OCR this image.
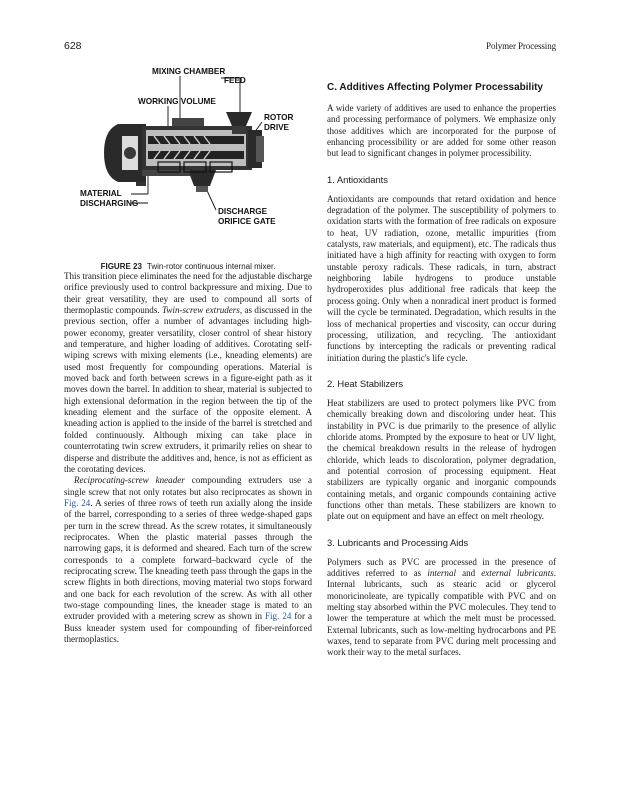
628	Polymer Processing
MIXING CHAMBER
FEED
WORKING VOLUME
ROTOR
DRIVE
MATERIAL
DISCHARGING
DISCHARGE
ORIFICE GATE
FIGURE 23 Twin-rotor continuous internal mixer.

This transition piece eliminates the need for the adjustable discharge orifice previously used to control backpressure and mixing. Due to their great versatility, they are used to compound all sorts of thermoplastic compounds. Twin-screw extruders, as discussed in the previous section, offer a number of advantages including high-power economy, greater versatility, closer control of shear history and temperature, and higher loading of additives. Corotating self-wiping screws with mixing elements (i.e., kneading elements) are used most frequently for compounding operations. Material is moved back and forth between screws in a figure-eight path as it moves down the barrel. In addition to shear, material is subjected to high extensional deformation in the region between the tip of the kneading element and the surface of the opposite element. A kneading action is applied to the inside of the barrel is stretched and folded continuously. Although mixing can take place in counterrotating twin screw extruders, it primarily relies on shear to disperse and distribute the additives and, hence, is not as efficient as the corotating devices.

Reciprocating-screw kneader compounding extruders use a single screw that not only rotates but also reciprocates as shown in Fig. 24. A series of three rows of teeth run axially along the inside of the barrel, corresponding to a series of three wedge-shaped gaps per turn in the screw thread. As the screw rotates, it simultaneously reciprocates. When the plastic material passes through the narrowing gaps, it is deformed and sheared. Each turn of the screw corresponds to a complete forward–backward cycle of the reciprocating screw. The kneading teeth pass through the gaps in the screw flights in both directions, moving material two stops forward and one back for each revolution of the screw. As with all other two-stage compounding lines, the kneader stage is mated to an extruder provided with a metering screw as shown in Fig. 24 for a Buss kneader system used for compounding of fiber-reinforced thermoplastics.

C. Additives Affecting Polymer Processability

A wide variety of additives are used to enhance the properties and processing performance of polymers. We emphasize only those additives which are incorporated for the purpose of enhancing processibility or are added for some other reason but lead to significant changes in polymer processibility.

1. Antioxidants

Antioxidants are compounds that retard oxidation and hence degradation of the polymer. The susceptibility of polymers to oxidation starts with the formation of free radicals on exposure to heat, UV radiation, ozone, metallic impurities (from catalysts, raw materials, and equipment), etc. The radicals thus initiated have a high affinity for reacting with oxygen to form unstable peroxy radicals. These radicals, in turn, abstract neighboring labile hydrogens to produce unstable hydroperoxides plus additional free radicals that keep the process going. Only when a nonradical inert product is formed will the cycle be terminated. Degradation, which results in the loss of mechanical properties and viscosity, can occur during processing, utilization, and recycling. The antioxidant functions by intercepting the radicals or preventing radical initiation during the plastic's life cycle.

2. Heat Stabilizers

Heat stabilizers are used to protect polymers like PVC from chemically breaking down and discoloring under heat. This instability in PVC is due primarily to the presence of allylic chloride atoms. Prompted by the exposure to heat or UV light, the chemical breakdown results in the release of hydrogen chloride, which leads to discoloration, polymer degradation, and potential corrosion of processing equipment. Heat stabilizers are typically organic and inorganic compounds containing metals, and organic compounds containing active functions other than metals. These stabilizers are known to plate out on equipment and have an effect on melt rheology.

3. Lubricants and Processing Aids

Polymers such as PVC are processed in the presence of additives referred to as internal and external lubricants. Internal lubricants, such as stearic acid or glycerol monoricinoleate, are typically compatible with PVC and on melting stay absorbed within the PVC molecules. They tend to lower the temperature at which the melt must be processed. External lubricants, such as low-melting hydrocarbons and PE waxes, tend to separate from PVC during melt processing and work their way to the metal surfaces.
